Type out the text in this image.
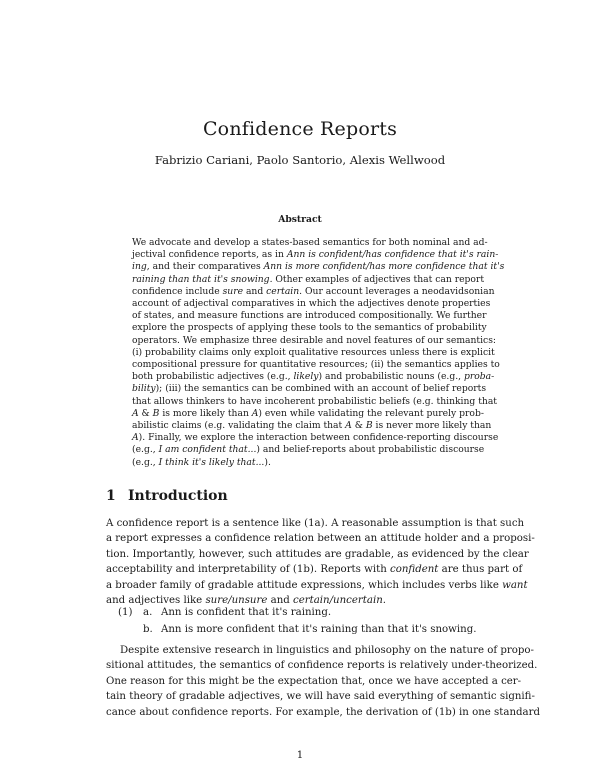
Confidence Reports
Fabrizio Cariani, Paolo Santorio, Alexis Wellwood
Abstract
We advocate and develop a states-based semantics for both nominal and ad-
jectival confidence reports, as in Ann is confident/has confidence that it's rain-
ing, and their comparatives Ann is more confident/has more confidence that it's
raining than that it's snowing. Other examples of adjectives that can report
confidence include sure and certain. Our account leverages a neodavidsonian
account of adjectival comparatives in which the adjectives denote properties
of states, and measure functions are introduced compositionally. We further
explore the prospects of applying these tools to the semantics of probability
operators. We emphasize three desirable and novel features of our semantics:
(i) probability claims only exploit qualitative resources unless there is explicit
compositional pressure for quantitative resources; (ii) the semantics applies to
both probabilistic adjectives (e.g., likely) and probabilistic nouns (e.g., proba-
bility); (iii) the semantics can be combined with an account of belief reports
that allows thinkers to have incoherent probabilistic beliefs (e.g. thinking that
A & B is more likely than A) even while validating the relevant purely prob-
abilistic claims (e.g. validating the claim that A & B is never more likely than
A). Finally, we explore the interaction between confidence-reporting discourse
(e.g., I am confident that...) and belief-reports about probabilistic discourse
(e.g., I think it's likely that...).
1 Introduction
A confidence report is a sentence like (1a). A reasonable assumption is that such
a report expresses a confidence relation between an attitude holder and a proposi-
tion. Importantly, however, such attitudes are gradable, as evidenced by the clear
acceptability and interpretability of (1b). Reports with confident are thus part of
a broader family of gradable attitude expressions, which includes verbs like want
and adjectives like sure/unsure and certain/uncertain.
(1)	a. Ann is confident that it's raining.
b. Ann is more confident that it's raining than that it's snowing.
Despite extensive research in linguistics and philosophy on the nature of propo-
sitional attitudes, the semantics of confidence reports is relatively under-theorized.
One reason for this might be the expectation that, once we have accepted a cer-
tain theory of gradable adjectives, we will have said everything of semantic signifi-
cance about confidence reports. For example, the derivation of (1b) in one standard
1
